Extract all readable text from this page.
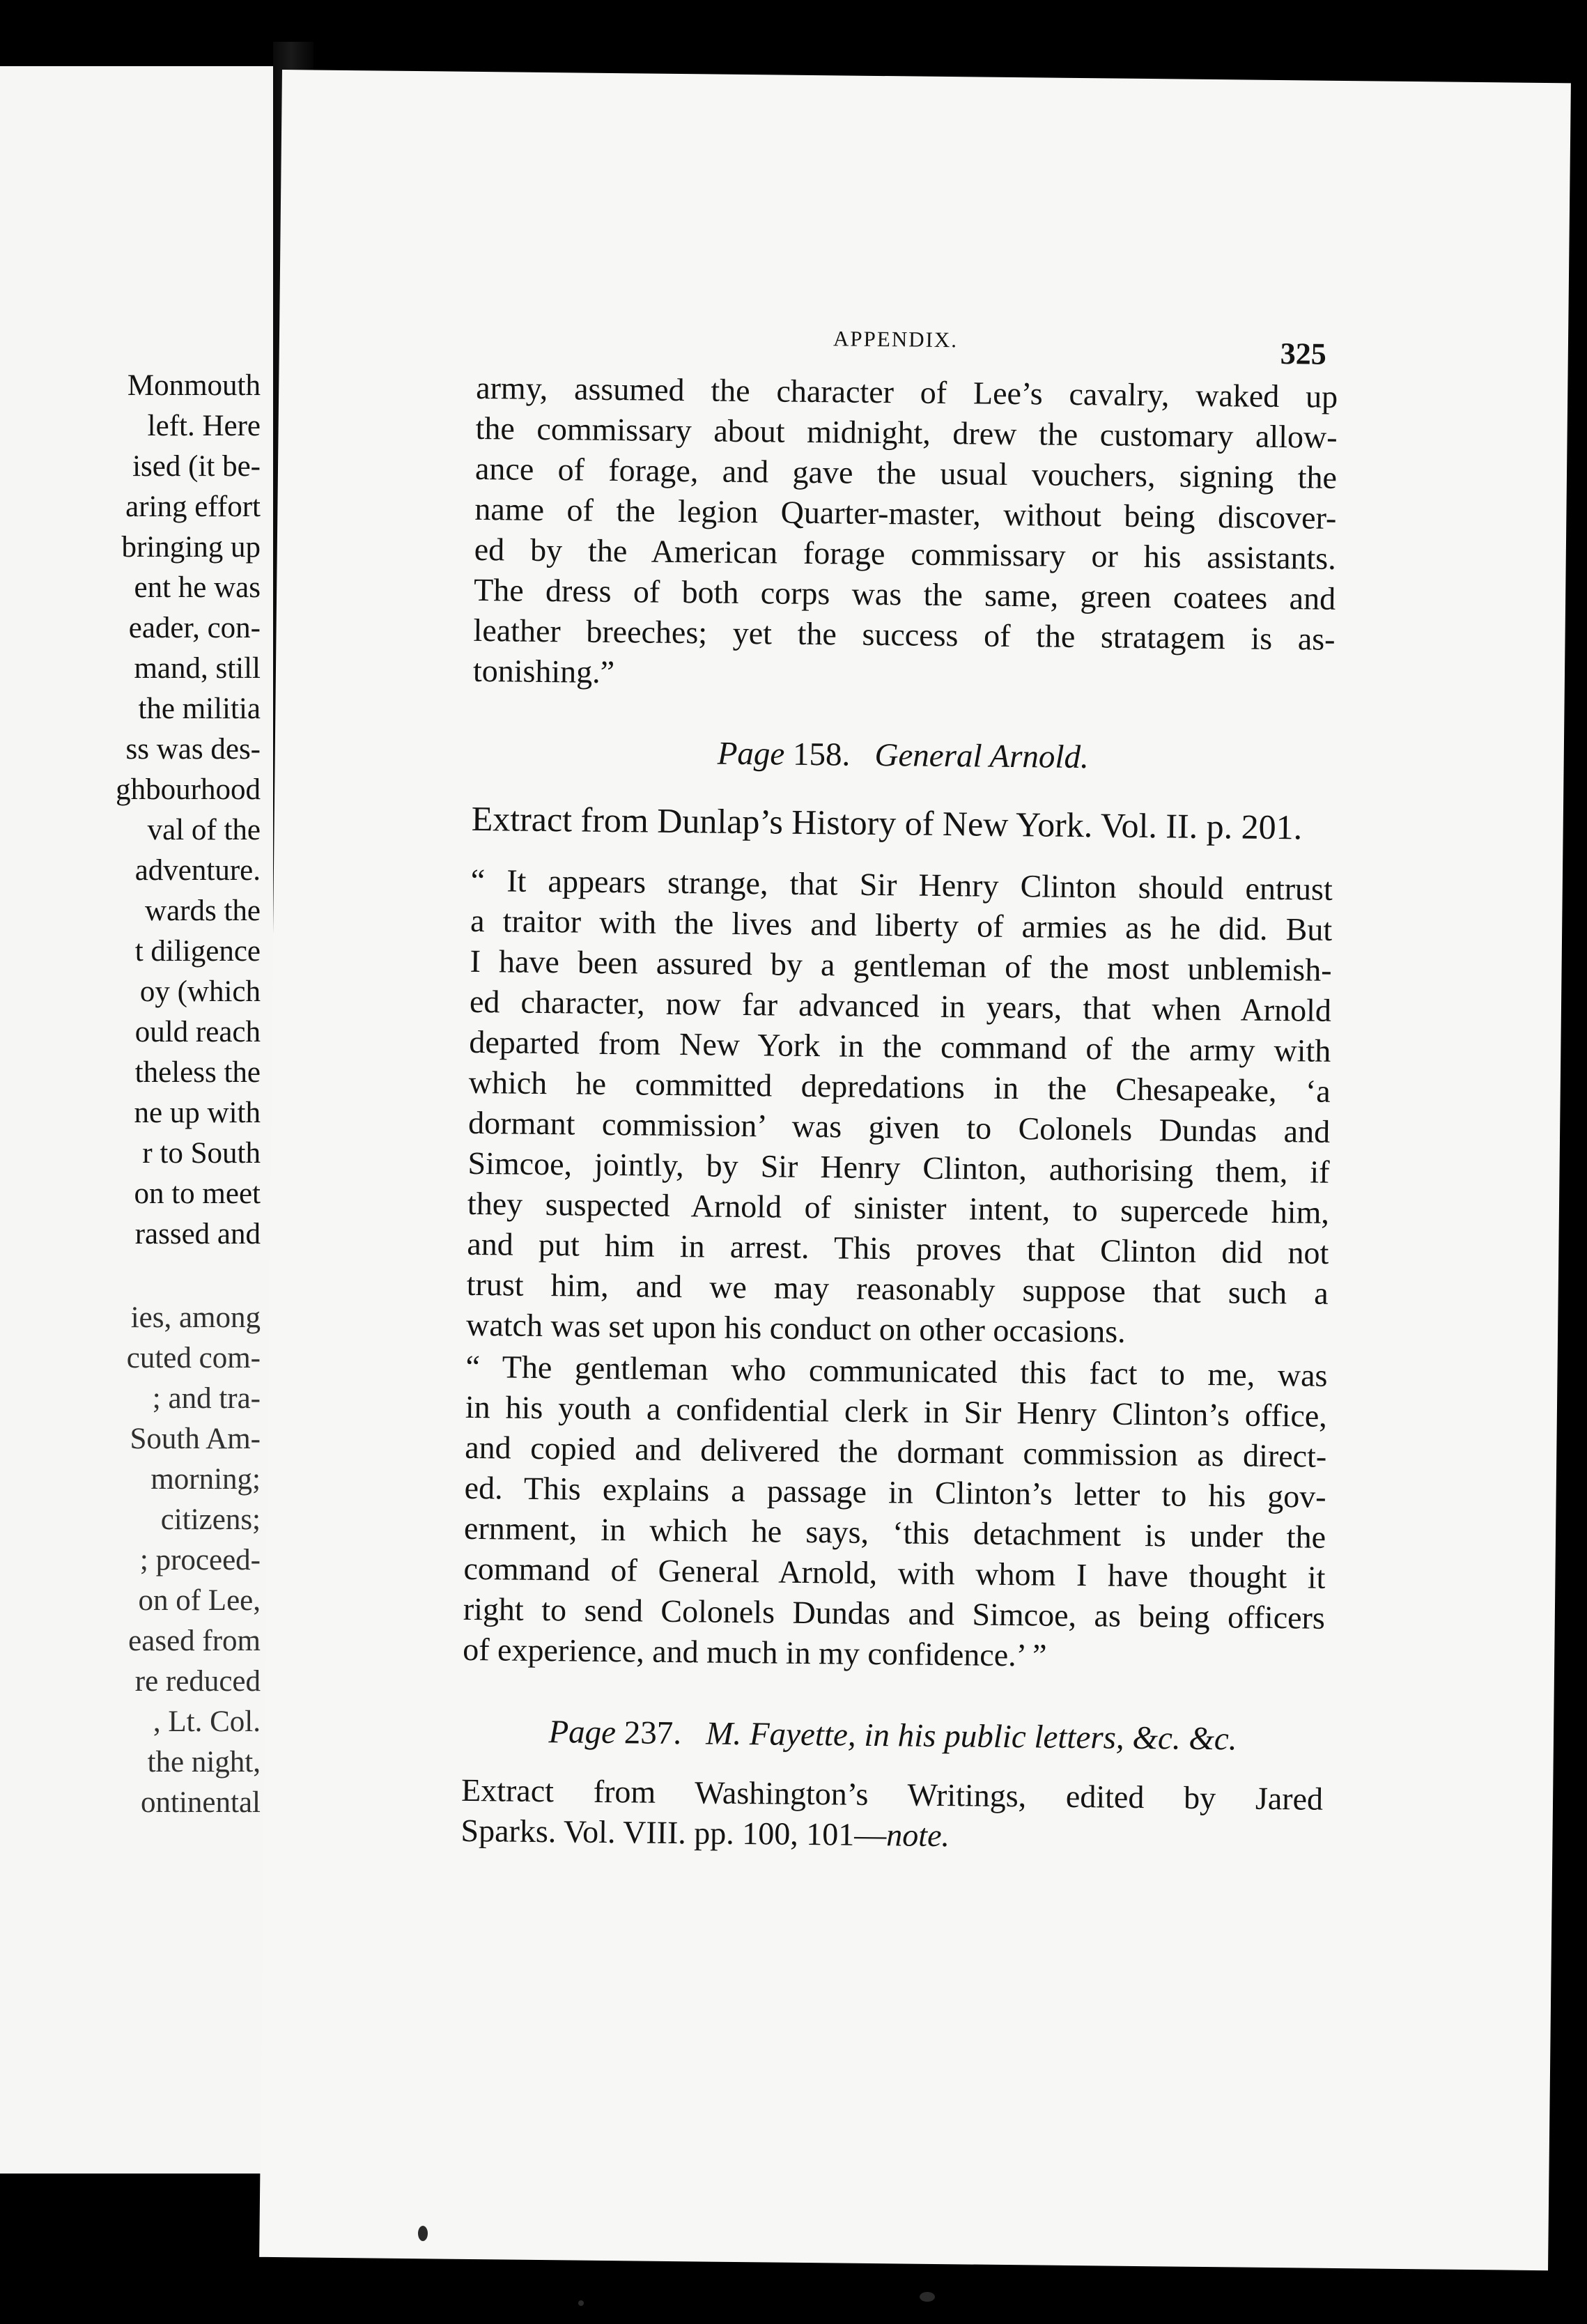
Monmouth
left. Here
ised (it be-
aring effort
bringing up
ent he was
eader, con-
mand, still
the militia
ss was des-
ghbourhood
val of the
adventure.
wards the
t diligence
oy (which
ould reach
theless the
ne up with
r to South
on to meet
rassed and
ies, among
cuted com-
; and tra-
South Am-
morning;
citizens;
; proceed-
on of Lee,
eased from
re reduced
, Lt. Col.
the night,
ontinental
APPENDIX.	325
army, assumed the character of Lee’s cavalry, waked up
the commissary about midnight, drew the customary allow-
ance of forage, and gave the usual vouchers, signing the
name of the legion Quarter-master, without being discover-
ed by the American forage commissary or his assistants.
The dress of both corps was the same, green coatees and
leather breeches; yet the success of the stratagem is as-
tonishing.”
Page 158. General Arnold.
Extract from Dunlap’s History of New York. Vol. II. p. 201.
“ It appears strange, that Sir Henry Clinton should entrust
a traitor with the lives and liberty of armies as he did. But
I have been assured by a gentleman of the most unblemish-
ed character, now far advanced in years, that when Arnold
departed from New York in the command of the army with
which he committed depredations in the Chesapeake, ‘a
dormant commission’ was given to Colonels Dundas and
Simcoe, jointly, by Sir Henry Clinton, authorising them, if
they suspected Arnold of sinister intent, to supercede him,
and put him in arrest. This proves that Clinton did not
trust him, and we may reasonably suppose that such a
watch was set upon his conduct on other occasions.
“ The gentleman who communicated this fact to me, was
in his youth a confidential clerk in Sir Henry Clinton’s office,
and copied and delivered the dormant commission as direct-
ed. This explains a passage in Clinton’s letter to his gov-
ernment, in which he says, ‘this detachment is under the
command of General Arnold, with whom I have thought it
right to send Colonels Dundas and Simcoe, as being officers
of experience, and much in my confidence.’ ”
Page 237. M. Fayette, in his public letters, &c. &c.
Extract from Washington’s Writings, edited by Jared
Sparks. Vol. VIII. pp. 100, 101—note.
